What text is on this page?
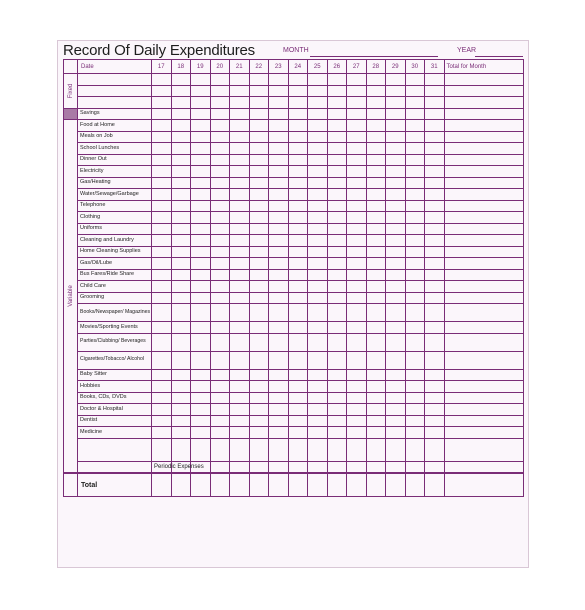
Record Of Daily Expenditures	MONTH	YEAR
	Date	17	18	19	20	21	22	23	24	25	26	27	28	29	30	31	Total for Month	

Fixed																		

	Savings																	

Variable	Food at Home																	
	Meals on Job																	
	School Lunches																	
	Dinner Out																	
	Electricity																	
	Gas/Heating																	
	Water/Sewage/Garbage																	
	Telephone																	
	Clothing																	
	Uniforms																	
	Cleaning and Laundry																	
	Home Cleaning Supplies																	
	Gas/Oil/Lube																	
	Bus Fares/Ride Share																	
	Child Care																	
	Grooming																	
	Books/Newspaper/ Magazines																	
	Movies/Sporting Events																	
	Parties/Clubbing/ Beverages																	
	Cigarettes/Tobacco/ Alcohol																	
	Baby Sitter																	
	Hobbies																	
	Books, CDs, DVDs																	
	Doctor & Hospital																	
	Dentist																	
	Medicine																	

		Periodic Expenses																
	Total																	
